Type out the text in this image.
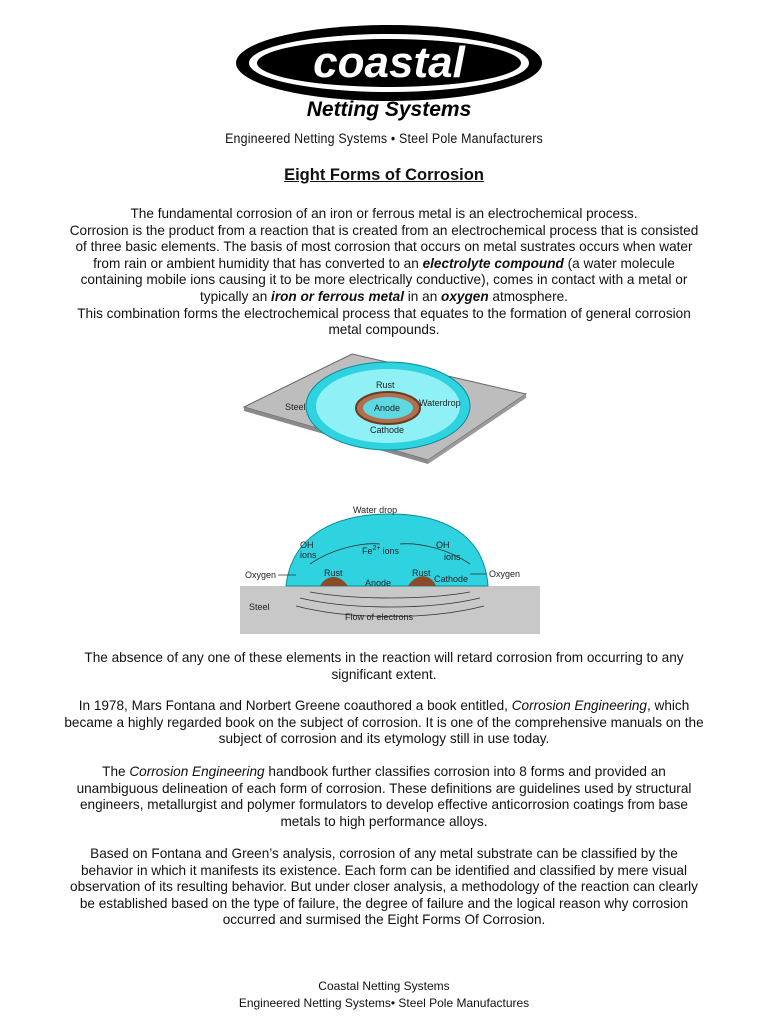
coastal
Netting Systems
Engineered Netting Systems • Steel Pole Manufacturers
Eight Forms of Corrosion

The fundamental corrosion of an iron or ferrous metal is an electrochemical process.

Corrosion is the product from a reaction that is created from an electrochemical process that is consisted of three basic elements. The basis of most corrosion that occurs on metal sustrates occurs when water from rain or ambient humidity that has converted to an electrolyte compound (a water molecule containing mobile ions causing it to be more electrically conductive), comes in contact with a metal or typically an iron or ferrous metal in an oxygen atmosphere.

This combination forms the electrochemical process that equates to the formation of general corrosion metal compounds.

Steel
Rust
Anode Waterdrop
Cathode
Water drop
OH
ions	$Fe^{2+}$ ions
OH
ions
Oxygen	Rust
Anode
Rust
Cathode Oxygen
Steel
Flow of electrons

The absence of any one of these elements in the reaction will retard corrosion from occurring to any significant extent.

In 1978, Mars Fontana and Norbert Greene coauthored a book entitled, Corrosion Engineering, which became a highly regarded book on the subject of corrosion. It is one of the comprehensive manuals on the subject of corrosion and its etymology still in use today.

The Corrosion Engineering handbook further classifies corrosion into 8 forms and provided an unambiguous delineation of each form of corrosion. These definitions are guidelines used by structural engineers, metallurgist and polymer formulators to develop effective anticorrosion coatings from base metals to high performance alloys.

Based on Fontana and Green’s analysis, corrosion of any metal substrate can be classified by the behavior in which it manifests its existence. Each form can be identified and classified by mere visual observation of its resulting behavior. But under closer analysis, a methodology of the reaction can clearly be established based on the type of failure, the degree of failure and the logical reason why corrosion occurred and surmised the Eight Forms Of Corrosion.

Coastal Netting Systems
Engineered Netting Systems• Steel Pole Manufactures
